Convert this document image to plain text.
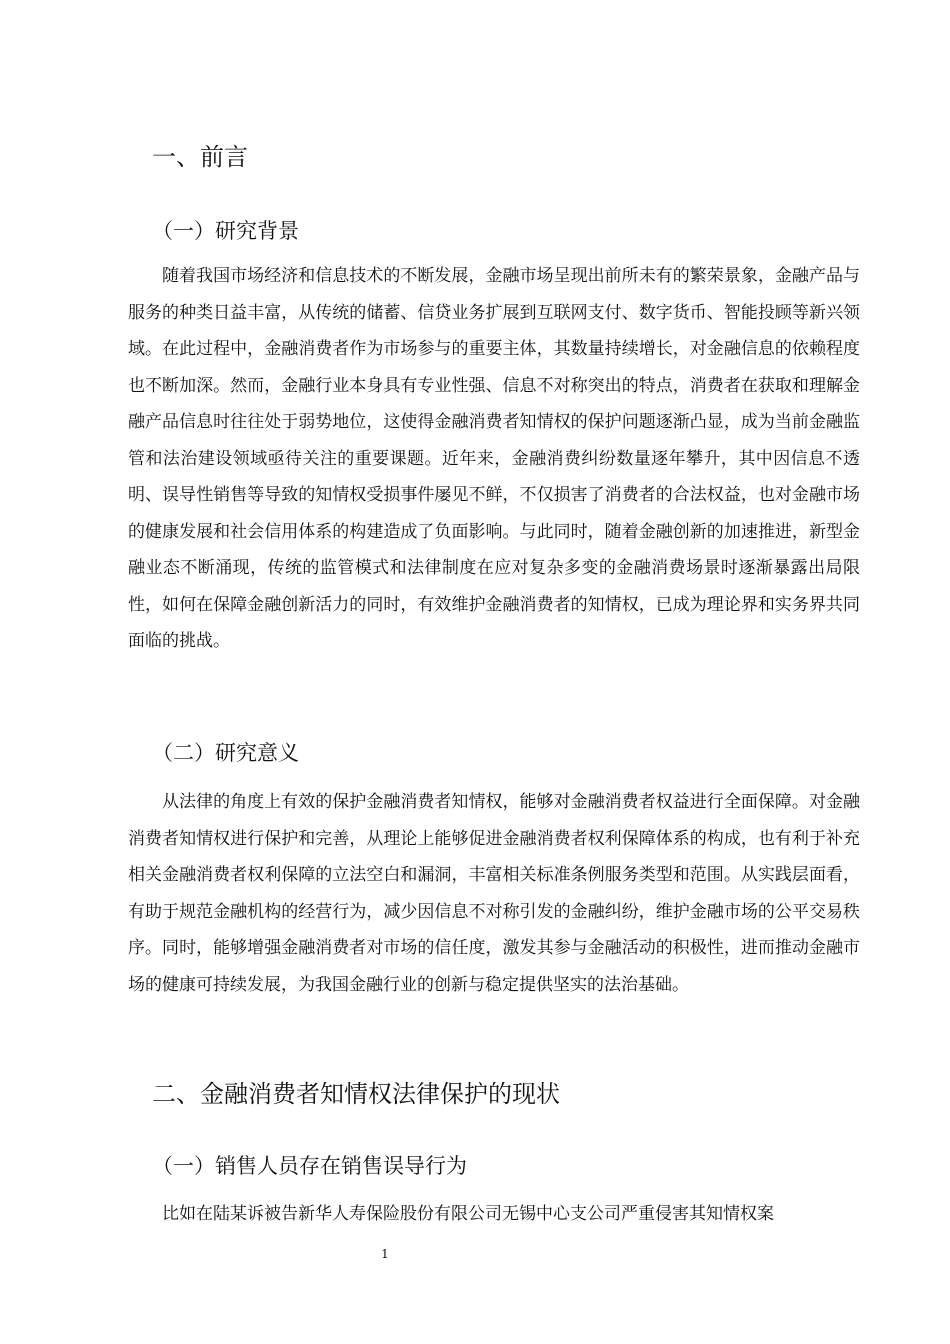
一、前言
（一）研究背景

随着我国市场经济和信息技术的不断发展，金融市场呈现出前所未有的繁荣景象，金融产品与服务的种类日益丰富，从传统的储蓄、信贷业务扩展到互联网支付、数字货币、智能投顾等新兴领域。在此过程中，金融消费者作为市场参与的重要主体，其数量持续增长，对金融信息的依赖程度也不断加深。然而，金融行业本身具有专业性强、信息不对称突出的特点，消费者在获取和理解金融产品信息时往往处于弱势地位，这使得金融消费者知情权的保护问题逐渐凸显，成为当前金融监管和法治建设领域亟待关注的重要课题。近年来，金融消费纠纷数量逐年攀升，其中因信息不透明、误导性销售等导致的知情权受损事件屡见不鲜，不仅损害了消费者的合法权益，也对金融市场的健康发展和社会信用体系的构建造成了负面影响。与此同时，随着金融创新的加速推进，新型金融业态不断涌现，传统的监管模式和法律制度在应对复杂多变的金融消费场景时逐渐暴露出局限性，如何在保障金融创新活力的同时，有效维护金融消费者的知情权，已成为理论界和实务界共同面临的挑战。

（二）研究意义

从法律的角度上有效的保护金融消费者知情权，能够对金融消费者权益进行全面保障。对金融消费者知情权进行保护和完善，从理论上能够促进金融消费者权利保障体系的构成，也有利于补充相关金融消费者权利保障的立法空白和漏洞，丰富相关标准条例服务类型和范围。从实践层面看，有助于规范金融机构的经营行为，减少因信息不对称引发的金融纠纷，维护金融市场的公平交易秩序。同时，能够增强金融消费者对市场的信任度，激发其参与金融活动的积极性，进而推动金融市场的健康可持续发展，为我国金融行业的创新与稳定提供坚实的法治基础。

二、金融消费者知情权法律保护的现状
（一）销售人员存在销售误导行为

比如在陆某诉被告新华人寿保险股份有限公司无锡中心支公司严重侵害其知情权案

1
